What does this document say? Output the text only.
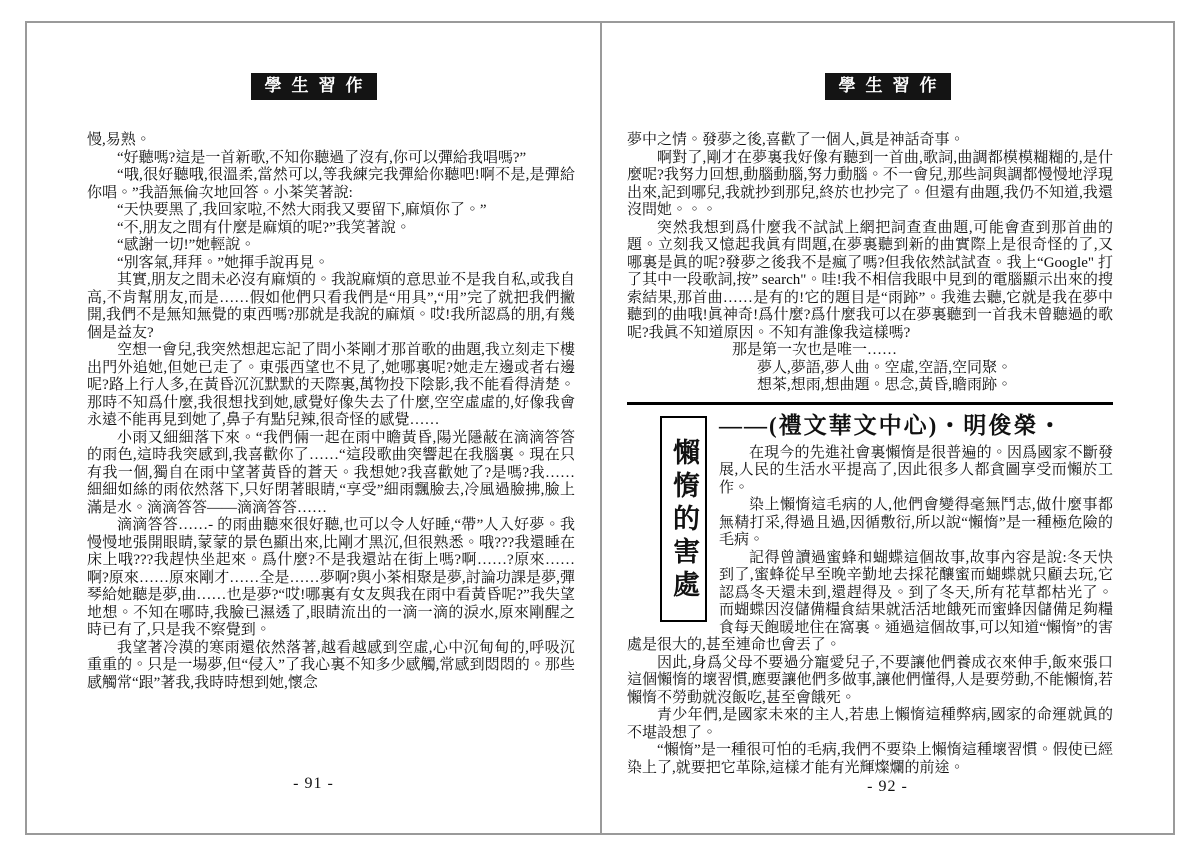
學生習作

慢,易熟。

“好聽嗎?這是一首新歌,不知你聽過了沒有,你可以彈給我唱嗎?”

“哦,很好聽哦,很溫柔,當然可以,等我練完我彈給你聽吧!啊不是,是彈給你唱。”我語無倫次地回答。小茶笑著說:

“天快要黑了,我回家啦,不然大雨我又要留下,麻煩你了。”

“不,朋友之間有什麼是麻煩的呢?”我笑著說。

“感謝一切!”她輕說。

“別客氣,拜拜。”她揮手說再見。

其實,朋友之間未必沒有麻煩的。我說麻煩的意思並不是我自私,或我自高,不肯幫朋友,而是……假如他們只看我們是“用具”,“用”完了就把我們撇開,我們不是無知無覺的東西嗎?那就是我說的麻煩。哎!我所認爲的朋,有幾個是益友?

空想一會兒,我突然想起忘記了問小茶剛才那首歌的曲題,我立刻走下樓出門外追她,但她已走了。東張西望也不見了,她哪裏呢?她走左邊或者右邊呢?路上行人多,在黃昏沉沉默默的天際裏,萬物投下陰影,我不能看得清楚。那時不知爲什麼,我很想找到她,感覺好像失去了什麼,空空虛虛的,好像我會永遠不能再見到她了,鼻子有點兒辣,很奇怪的感覺……

小雨又細細落下來。“我們倆一起在雨中瞻黃昏,陽光隱蔽在滴滴答答的雨色,這時我突感到,我喜歡你了……“這段歌曲突響起在我腦裏。現在只有我一個,獨自在雨中望著黃昏的蒼天。我想她?我喜歡她了?是嗎?我……細細如絲的雨依然落下,只好閉著眼睛,“享受”細雨飄臉去,冷風過臉拂,臉上滿是水。滴滴答答——滴滴答答……

滴滴答答……- 的雨曲聽來很好聽,也可以令人好睡,“帶”人入好夢。我慢慢地張開眼睛,蒙蒙的景色顯出來,比剛才黑沉,但很熟悉。哦???我還睡在床上哦???我趕快坐起來。爲什麼?不是我還站在街上嗎?啊……?原來……啊?原來……原來剛才……全是……夢啊?與小茶相聚是夢,討論功課是夢,彈琴給她聽是夢,曲……也是夢?“哎!哪裏有女友與我在雨中看黃昏呢?”我失望地想。不知在哪時,我臉已濕透了,眼睛流出的一滴一滴的淚水,原來剛醒之時已有了,只是我不察覺到。

我望著冷漠的寒雨還依然落著,越看越感到空虛,心中沉甸甸的,呼吸沉重重的。只是一場夢,但“侵入”了我心裏不知多少感觸,常感到悶悶的。那些感觸常“跟”著我,我時時想到她,懷念

- 91 -
學生習作

夢中之情。發夢之後,喜歡了一個人,眞是神話奇事。

啊對了,剛才在夢裏我好像有聽到一首曲,歌詞,曲調都模模糊糊的,是什麼呢?我努力回想,動腦動腦,努力動腦。不一會兒,那些詞與調都慢慢地浮現出來,記到哪兒,我就抄到那兒,終於也抄完了。但還有曲題,我仍不知道,我還沒問她。。。

突然我想到爲什麼我不試試上網把詞查查曲題,可能會查到那首曲的題。立刻我又憶起我眞有問題,在夢裏聽到新的曲實際上是很奇怪的了,又哪裏是眞的呢?發夢之後我不是瘋了嗎?但我依然試試查。我上“Google" 打了其中一段歌詞,按” search"。哇!我不相信我眼中見到的電腦顯示出來的搜索結果,那首曲……是有的!它的題目是“雨跡”。我進去聽,它就是我在夢中聽到的曲哦!眞神奇!爲什麼?爲什麼我可以在夢裏聽到一首我未曾聽過的歌呢?我眞不知道原因。不知有誰像我這樣嗎?

那是第一次也是唯一……

夢人,夢語,夢人曲。空虛,空語,空同聚。

想茶,想雨,想曲題。思念,黃昏,瞻雨跡。

懶惰的害處
——(禮文華文中心)・明俊榮・

在現今的先進社會裏懶惰是很普遍的。因爲國家不斷發展,人民的生活水平提高了,因此很多人都貪圖享受而懶於工作。

染上懶惰這毛病的人,他們會變得毫無鬥志,做什麼事都無精打采,得過且過,因循敷衍,所以說“懶惰”是一種極危險的毛病。

記得曾讀過蜜蜂和蝴蝶這個故事,故事內容是說:冬天快到了,蜜蜂從早至晚辛勤地去採花釀蜜而蝴蝶就只顧去玩,它認爲冬天還未到,還趕得及。到了冬天,所有花草都枯光了。而蝴蝶因沒儲備糧食結果就活活地餓死而蜜蜂因儲備足夠糧食每天飽暖地住在窩裏。通過這個故事,可以知道“懶惰”的害處是很大的,甚至連命也會丟了。

因此,身爲父母不要過分寵愛兒子,不要讓他們養成衣來伸手,飯來張口這個懶惰的壞習慣,應要讓他們多做事,讓他們懂得,人是要勞動,不能懶惰,若懶惰不勞動就沒飯吃,甚至會餓死。

青少年們,是國家未來的主人,若患上懶惰這種弊病,國家的命運就眞的不堪設想了。

“懶惰”是一種很可怕的毛病,我們不要染上懶惰這種壞習慣。假使已經染上了,就要把它革除,這樣才能有光輝燦爛的前途。

- 92 -
